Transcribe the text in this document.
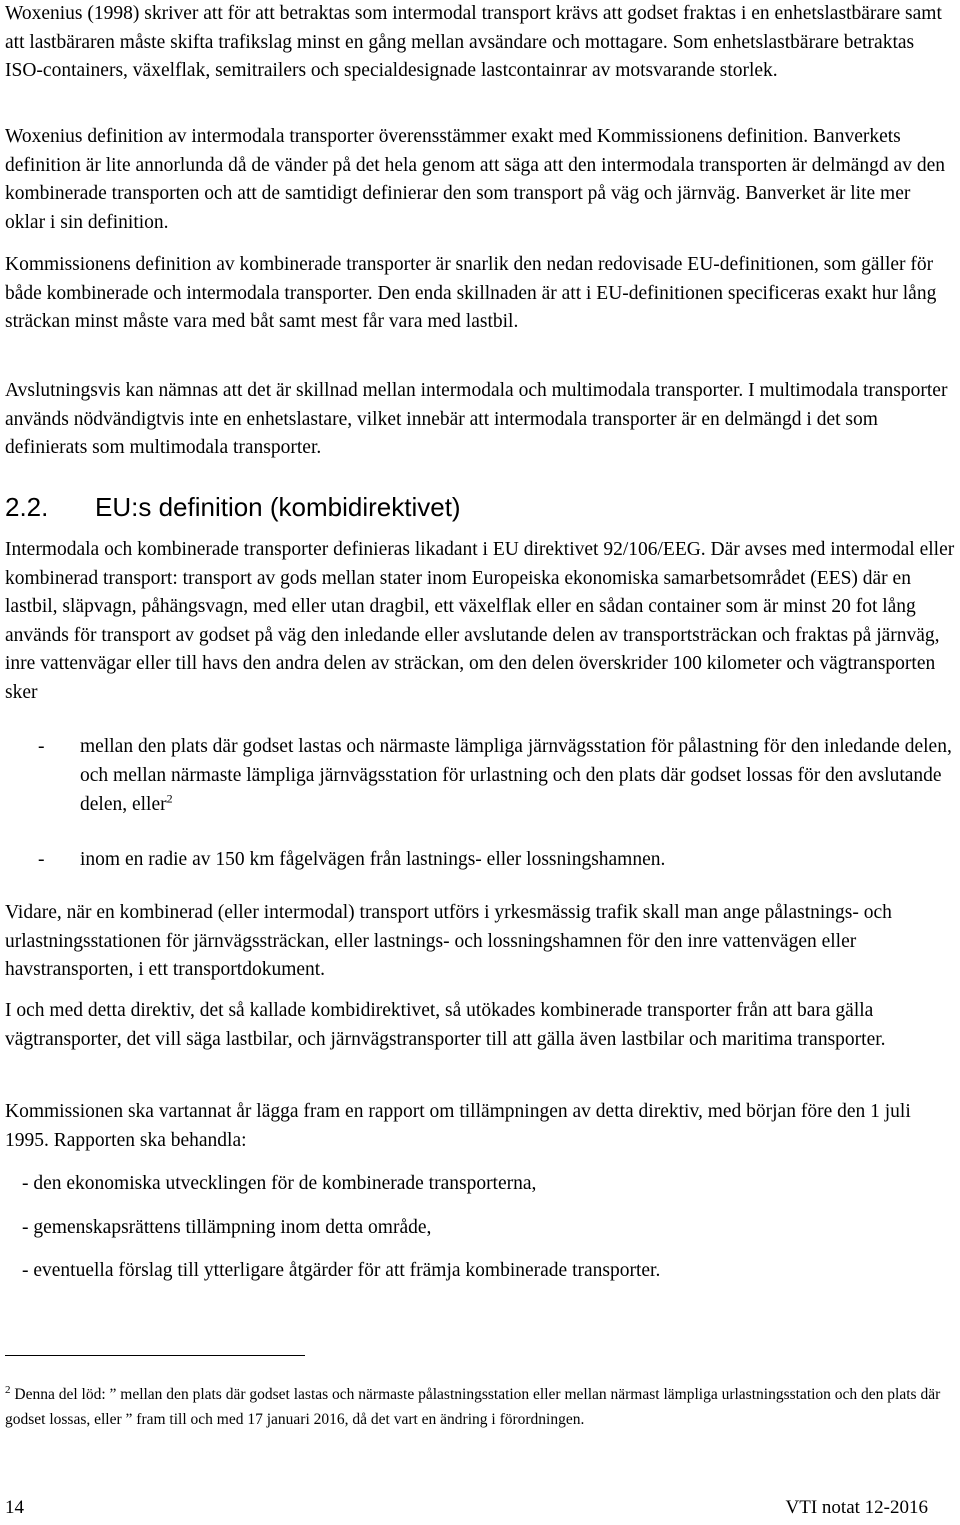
Woxenius (1998) skriver att för att betraktas som intermodal transport krävs att godset fraktas i en enhetslastbärare samt att lastbäraren måste skifta trafikslag minst en gång mellan avsändare och mottagare. Som enhetslastbärare betraktas ISO-containers, växelflak, semitrailers och specialdesignade lastcontainrar av motsvarande storlek.

Woxenius definition av intermodala transporter överensstämmer exakt med Kommissionens definition. Banverkets definition är lite annorlunda då de vänder på det hela genom att säga att den intermodala transporten är delmängd av den kombinerade transporten och att de samtidigt definierar den som transport på väg och järnväg. Banverket är lite mer oklar i sin definition.

Kommissionens definition av kombinerade transporter är snarlik den nedan redovisade EU-definitionen, som gäller för både kombinerade och intermodala transporter. Den enda skillnaden är att i EU-definitionen specificeras exakt hur lång sträckan minst måste vara med båt samt mest får vara med lastbil.

Avslutningsvis kan nämnas att det är skillnad mellan intermodala och multimodala transporter. I multimodala transporter används nödvändigtvis inte en enhetslastare, vilket innebär att intermodala transporter är en delmängd i det som definierats som multimodala transporter.

2.2. EU:s definition (kombidirektivet)

Intermodala och kombinerade transporter definieras likadant i EU direktivet 92/106/EEG. Där avses med intermodal eller kombinerad transport: transport av gods mellan stater inom Europeiska ekonomiska samarbetsområdet (EES) där en lastbil, släpvagn, påhängsvagn, med eller utan dragbil, ett växelflak eller en sådan container som är minst 20 fot lång används för transport av godset på väg den inledande eller avslutande delen av transportsträckan och fraktas på järnväg, inre vattenvägar eller till havs den andra delen av sträckan, om den delen överskrider 100 kilometer och vägtransporten sker

- mellan den plats där godset lastas och närmaste lämpliga järnvägsstation för pålastning för den inledande delen, och mellan närmaste lämpliga järnvägsstation för urlastning och den plats där godset lossas för den avslutande delen, eller$^2$
- inom en radie av 150 km fågelvägen från lastnings- eller lossningshamnen.

Vidare, när en kombinerad (eller intermodal) transport utförs i yrkesmässig trafik skall man ange pålastnings- och urlastningsstationen för järnvägssträckan, eller lastnings- och lossningshamnen för den inre vattenvägen eller havstransporten, i ett transportdokument.

I och med detta direktiv, det så kallade kombidirektivet, så utökades kombinerade transporter från att bara gälla vägtransporter, det vill säga lastbilar, och järnvägstransporter till att gälla även lastbilar och maritima transporter.

Kommissionen ska vartannat år lägga fram en rapport om tillämpningen av detta direktiv, med början före den 1 juli 1995. Rapporten ska behandla:

- den ekonomiska utvecklingen för de kombinerade transporterna,
- gemenskapsrättens tillämpning inom detta område,
- eventuella förslag till ytterligare åtgärder för att främja kombinerade transporter.
$^2$ Denna del löd: ” mellan den plats där godset lastas och närmaste pålastningsstation eller mellan närmast lämpliga urlastningsstation och den plats där godset lossas, eller ” fram till och med 17 januari 2016, då det vart en ändring i förordningen.
14	VTI notat 12-2016
